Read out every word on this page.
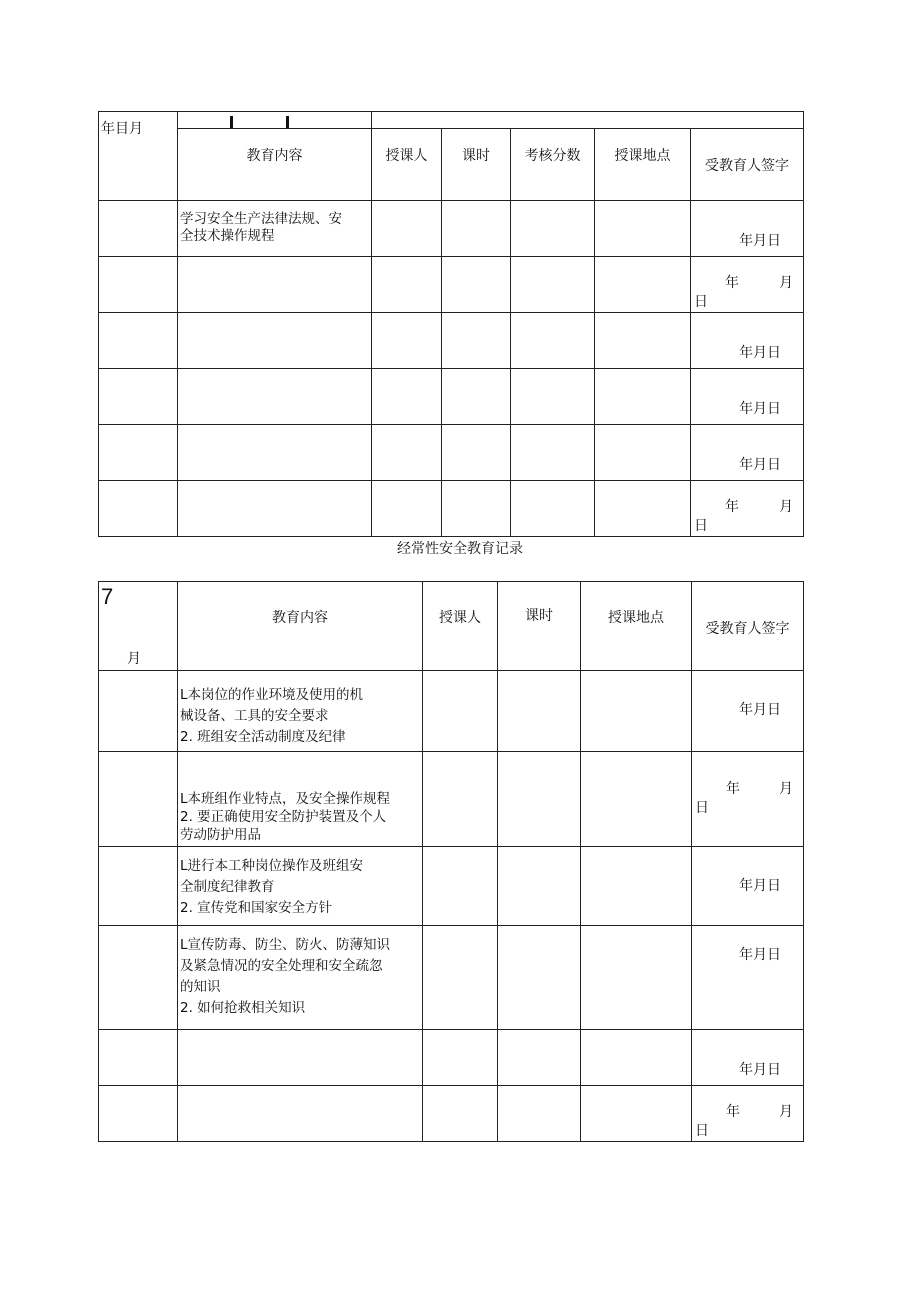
年目月						

	教育内容	授课人	课时	考核分数	授课地点	受教育人签字

	学习安全生产法律法规、安
全技术操作规程					年月日

						年 月
日

						年月日

						年月日

						年月日

						年 月
日
经常性安全教育记录
7
月	教育内容	授课人	课时	授课地点	受教育人签字

	L本岗位的作业环境及使用的机
械设备、工具的安全要求
2. 班组安全活动制度及纪律				年月日

	L本班组作业特点，及安全操作规程
2. 要正确使用安全防护装置及个人
劳动防护用品				年 月
日

	L进行本工种岗位操作及班组安
全制度纪律教育
2. 宣传党和国家安全方针				年月日

	L宣传防毒、防尘、防火、防薄知识
及紧急情况的安全处理和安全疏忽
的知识
2. 如何抢救相关知识				年月日

					年月日

					年 月
日
